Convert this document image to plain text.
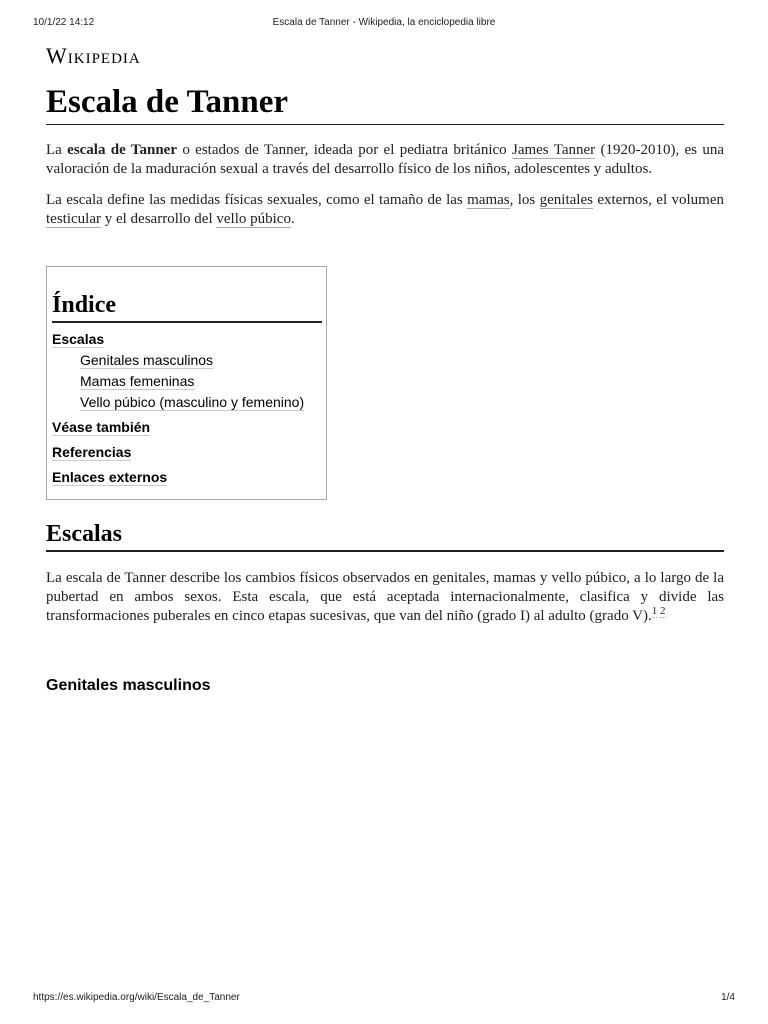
10/1/22 14:12	Escala de Tanner - Wikipedia, la enciclopedia libre
Wikipedia
Escala de Tanner

La escala de Tanner o estados de Tanner, ideada por el pediatra británico James Tanner (1920-2010), es una valoración de la maduración sexual a través del desarrollo físico de los niños, adolescentes y adultos.

La escala define las medidas físicas sexuales, como el tamaño de las mamas, los genitales externos, el volumen testicular y el desarrollo del vello púbico.

Índice
Escalas
Genitales masculinos
Mamas femeninas
Vello púbico (masculino y femenino)
Véase también
Referencias
Enlaces externos
Escalas

La escala de Tanner describe los cambios físicos observados en genitales, mamas y vello púbico, a lo largo de la pubertad en ambos sexos. Esta escala, que está aceptada internacionalmente, clasifica y divide las transformaciones puberales en cinco etapas sucesivas, que van del niño (grado I) al adulto (grado V).$^{1 2}$

Genitales masculinos
https://es.wikipedia.org/wiki/Escala_de_Tanner	1/4
